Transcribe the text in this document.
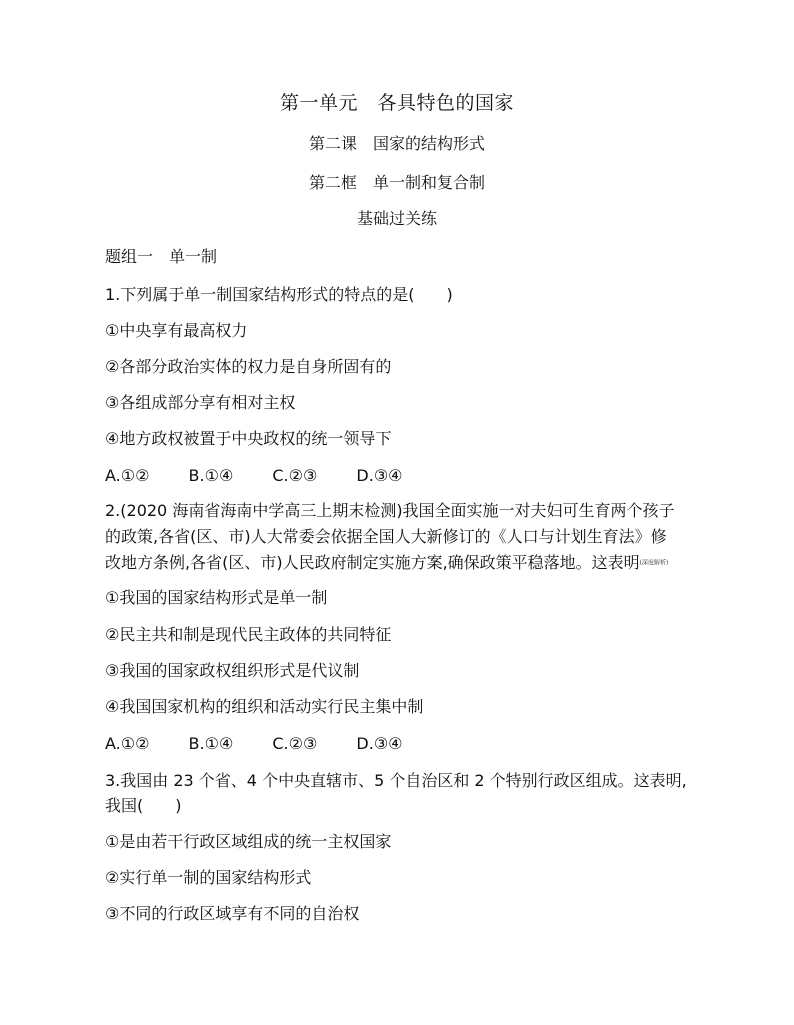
第一单元　各具特色的国家
第二课　国家的结构形式
第二框　单一制和复合制
基础过关练
题组一　单一制
1.下列属于单一制国家结构形式的特点的是(　　)
①中央享有最高权力
②各部分政治实体的权力是自身所固有的
③各组成部分享有相对主权
④地方政权被置于中央政权的统一领导下
A.①② B.①④ C.②③ D.③④
2.(2020 海南省海南中学高三上期末检测)我国全面实施一对夫妇可生育两个孩子
的政策,各省(区、市)人大常委会依据全国人大新修订的《人口与计划生育法》修
改地方条例,各省(区、市)人民政府制定实施方案,确保政策平稳落地。这表明(深度解析)
①我国的国家结构形式是单一制
②民主共和制是现代民主政体的共同特征
③我国的国家政权组织形式是代议制
④我国国家机构的组织和活动实行民主集中制
A.①② B.①④ C.②③ D.③④
3.我国由 23 个省、4 个中央直辖市、5 个自治区和 2 个特别行政区组成。这表明,
我国(　　)
①是由若干行政区域组成的统一主权国家
②实行单一制的国家结构形式
③不同的行政区域享有不同的自治权
